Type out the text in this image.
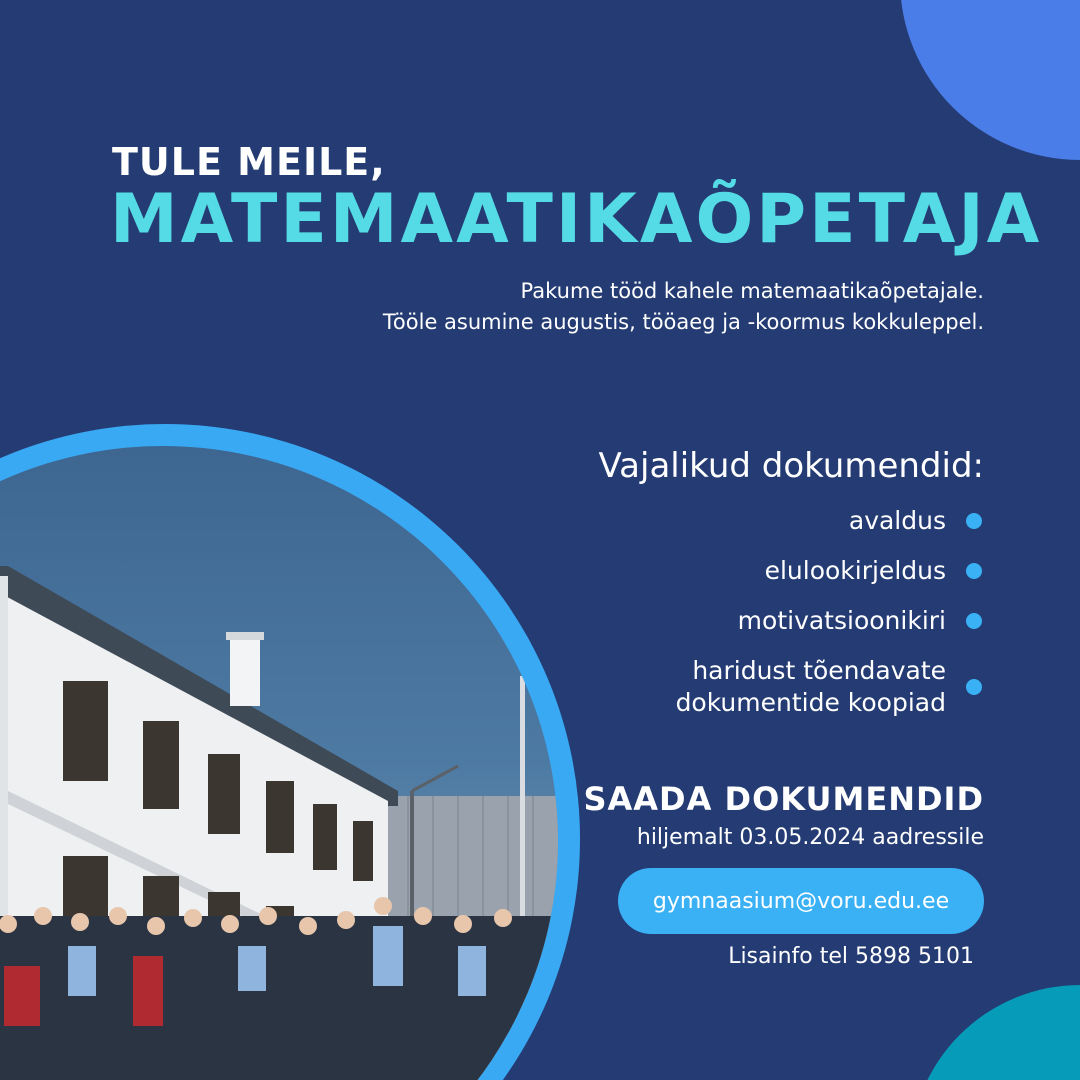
TULE MEILE,
MATEMAATIKAÕPETAJA
Pakume tööd kahele matemaatikaõpetajale.
Tööle asumine augustis, tööaeg ja -koormus kokkuleppel.
Vajalikud dokumendid:
avaldus
elulookirjeldus
motivatsioonikiri
haridust tõendavate
dokumentide koopiad
SAADA DOKUMENDID
hiljemalt 03.05.2024 aadressile
gymnaasium@voru.edu.ee
Lisainfo tel 5898 5101
